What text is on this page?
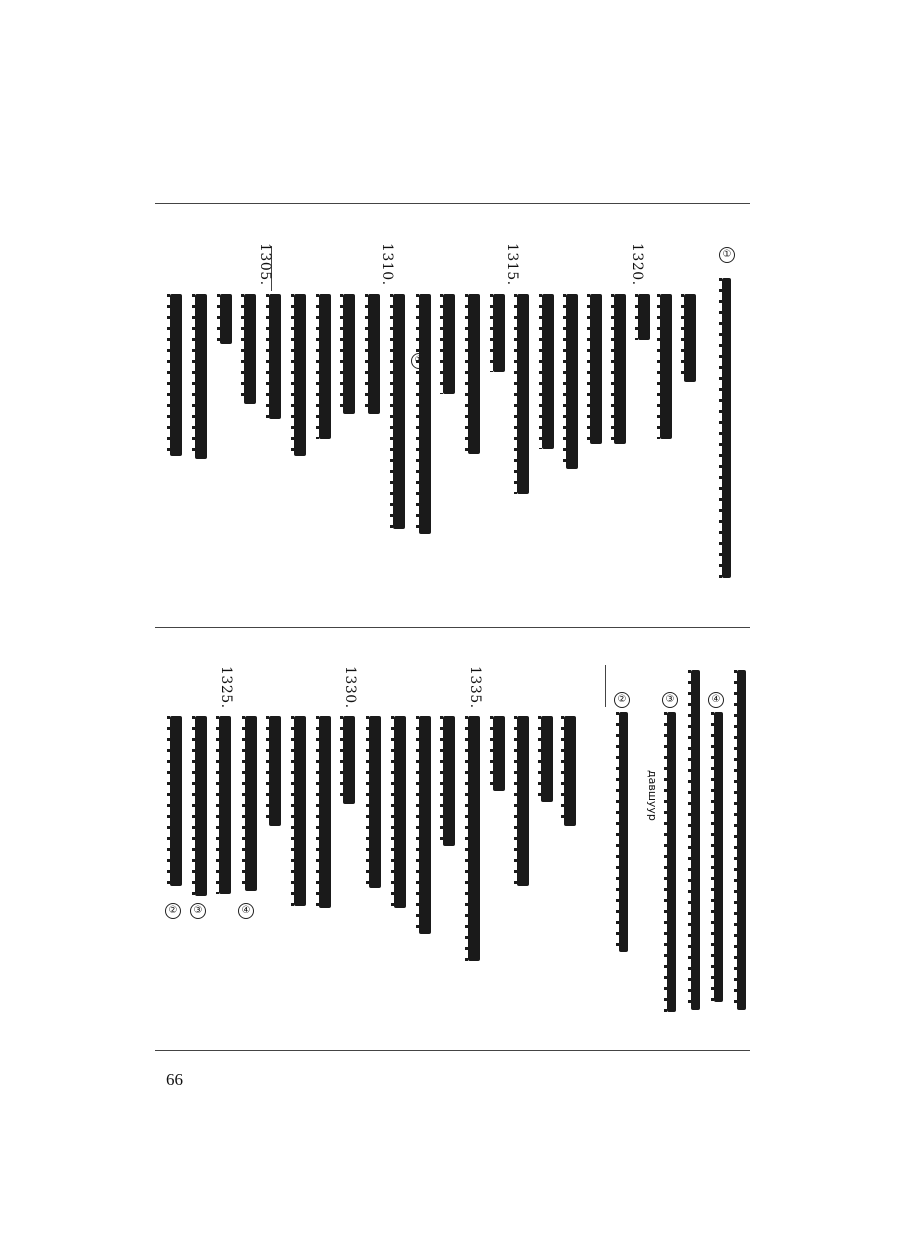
1320.
1315.
1310.
1305.	①
1335.
1330.
1325.	④
③
②
④
③
②
давшуур
66
